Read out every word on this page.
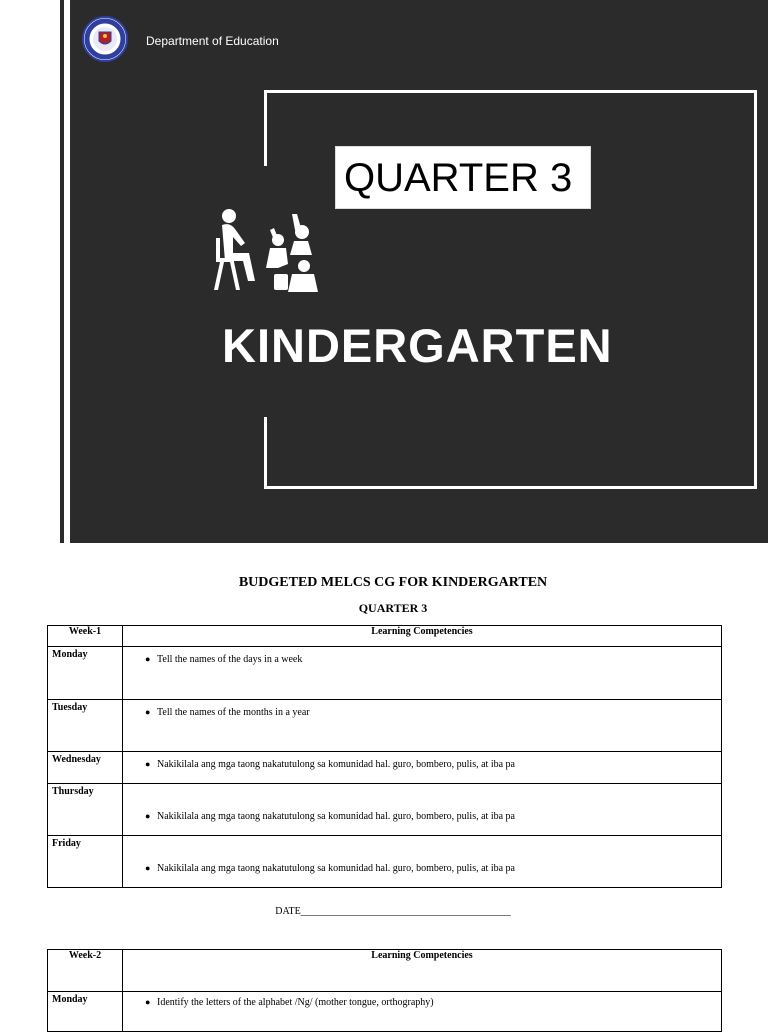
Department of Education
QUARTER 3
KINDERGARTEN
BUDGETED MELCS CG FOR KINDERGARTEN
QUARTER 3
Week-1	Learning Competencies
Monday	● Tell the names of the days in a week

Tuesday	● Tell the names of the months in a year

Wednesday	● Nakikilala ang mga taong nakatutulong sa komunidad hal. guro, bombero, pulis, at iba pa

Thursday	● Nakikilala ang mga taong nakatutulong sa komunidad hal. guro, bombero, pulis, at iba pa

Friday	● Nakikilala ang mga taong nakatutulong sa komunidad hal. guro, bombero, pulis, at iba pa
DATE__________________________________________
Week-2	Learning Competencies
Monday	● Identify the letters of the alphabet /Ng/ (mother tongue, orthography)
